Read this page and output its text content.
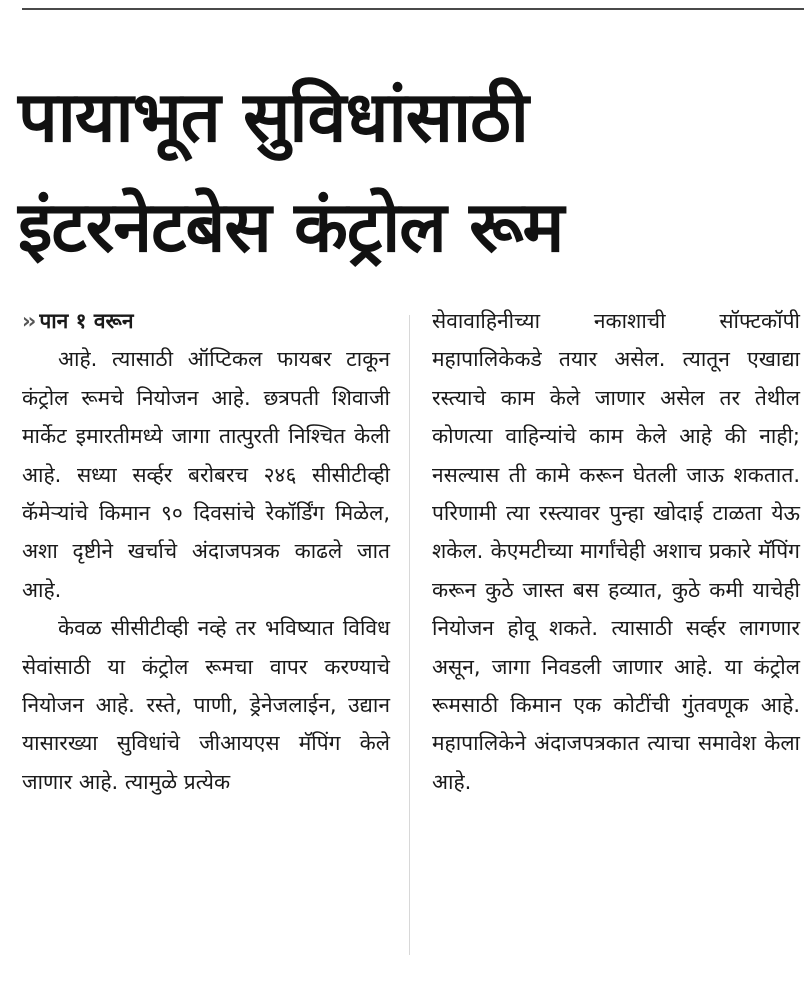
पायाभूत सुविधांसाठी
इंटरनेटबेस कंट्रोल रूम

›› पान १ वरून

आहे. त्यासाठी ऑप्टिकल फायबर टाकून कंट्रोल रूमचे नियोजन आहे. छत्रपती शिवाजी मार्केट इमारतीमध्ये जागा तात्पुरती निश्चित केली आहे. सध्या सर्व्हर बरोबरच २४६ सीसीटीव्ही कॅमेऱ्यांचे किमान ९० दिवसांचे रेकॉर्डिंग मिळेल, अशा दृष्टीने खर्चाचे अंदाजपत्रक काढले जात आहे.

केवळ सीसीटीव्ही नव्हे तर भविष्यात विविध सेवांसाठी या कंट्रोल रूमचा वापर करण्याचे नियोजन आहे. रस्ते, पाणी, ड्रेनेजलाईन, उद्यान यासारख्या सुविधांचे जीआयएस मॅपिंग केले जाणार आहे. त्यामुळे प्रत्येक

सेवावाहिनीच्या नकाशाची सॉफ्टकॉपी महापालिकेकडे तयार असेल. त्यातून एखाद्या रस्त्याचे काम केले जाणार असेल तर तेथील कोणत्या वाहिन्यांचे काम केले आहे की नाही; नसल्यास ती कामे करून घेतली जाऊ शकतात. परिणामी त्या रस्त्यावर पुन्हा खोदाई टाळता येऊ शकेल. केएमटीच्या मार्गांचेही अशाच प्रकारे मॅपिंग करून कुठे जास्त बस हव्यात, कुठे कमी याचेही नियोजन होवू शकते. त्यासाठी सर्व्हर लागणार असून, जागा निवडली जाणार आहे. या कंट्रोल रूमसाठी किमान एक कोटींची गुंतवणूक आहे. महापालिकेने अंदाजपत्रकात त्याचा समावेश केला आहे.
